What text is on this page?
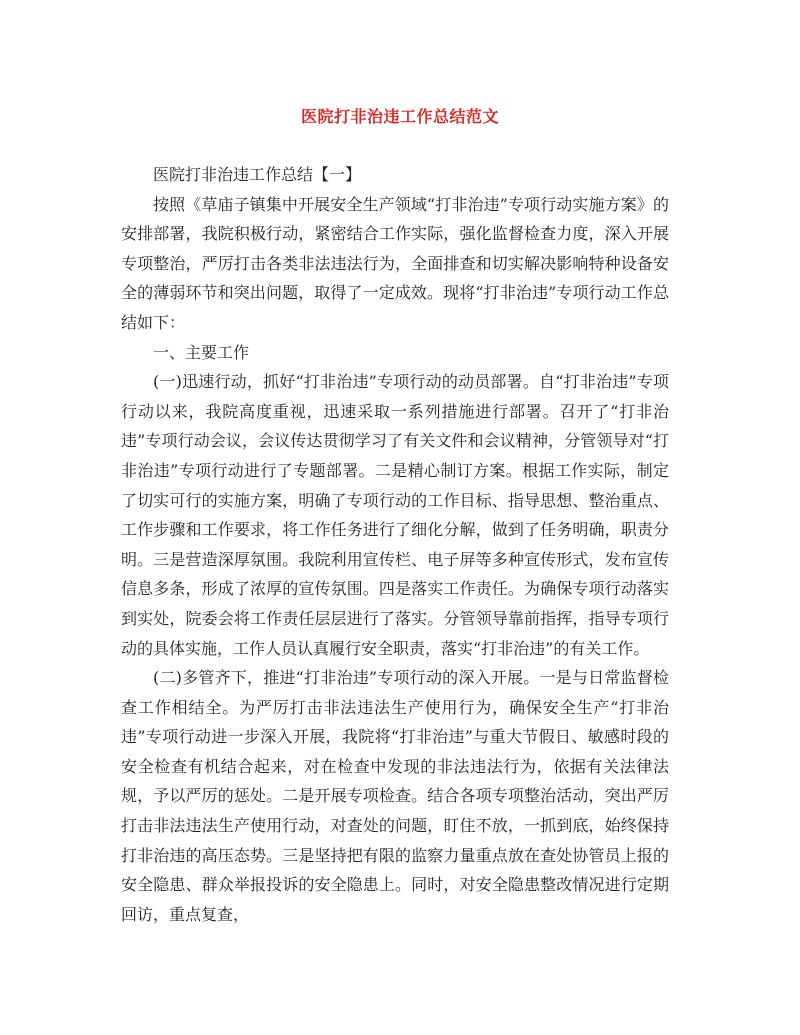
医院打非治违工作总结范文

医院打非治违工作总结【一】

按照《草庙子镇集中开展安全生产领域“打非治违”专项行动实施方案》的安排部署，我院积极行动，紧密结合工作实际，强化监督检查力度，深入开展专项整治，严厉打击各类非法违法行为，全面排查和切实解决影响特种设备安全的薄弱环节和突出问题，取得了一定成效。现将“打非治违”专项行动工作总结如下：

一、主要工作

(一)迅速行动，抓好“打非治违”专项行动的动员部署。自“打非治违”专项行动以来，我院高度重视，迅速采取一系列措施进行部署。召开了“打非治违”专项行动会议，会议传达贯彻学习了有关文件和会议精神，分管领导对“打非治违”专项行动进行了专题部署。二是精心制订方案。根据工作实际，制定了切实可行的实施方案，明确了专项行动的工作目标、指导思想、整治重点、工作步骤和工作要求，将工作任务进行了细化分解，做到了任务明确，职责分明。三是营造深厚氛围。我院利用宣传栏、电子屏等多种宣传形式，发布宣传信息多条，形成了浓厚的宣传氛围。四是落实工作责任。为确保专项行动落实到实处，院委会将工作责任层层进行了落实。分管领导靠前指挥，指导专项行动的具体实施，工作人员认真履行安全职责，落实“打非治违”的有关工作。

(二)多管齐下，推进“打非治违”专项行动的深入开展。一是与日常监督检查工作相结全。为严厉打击非法违法生产使用行为，确保安全生产“打非治违”专项行动进一步深入开展，我院将“打非治违”与重大节假日、敏感时段的安全检查有机结合起来，对在检查中发现的非法违法行为，依据有关法律法规，予以严厉的惩处。二是开展专项检查。结合各项专项整治活动，突出严厉打击非法违法生产使用行动，对查处的问题，盯住不放，一抓到底，始终保持打非治违的高压态势。三是坚持把有限的监察力量重点放在查处协管员上报的安全隐患、群众举报投诉的安全隐患上。同时，对安全隐患整改情况进行定期回访，重点复查，
